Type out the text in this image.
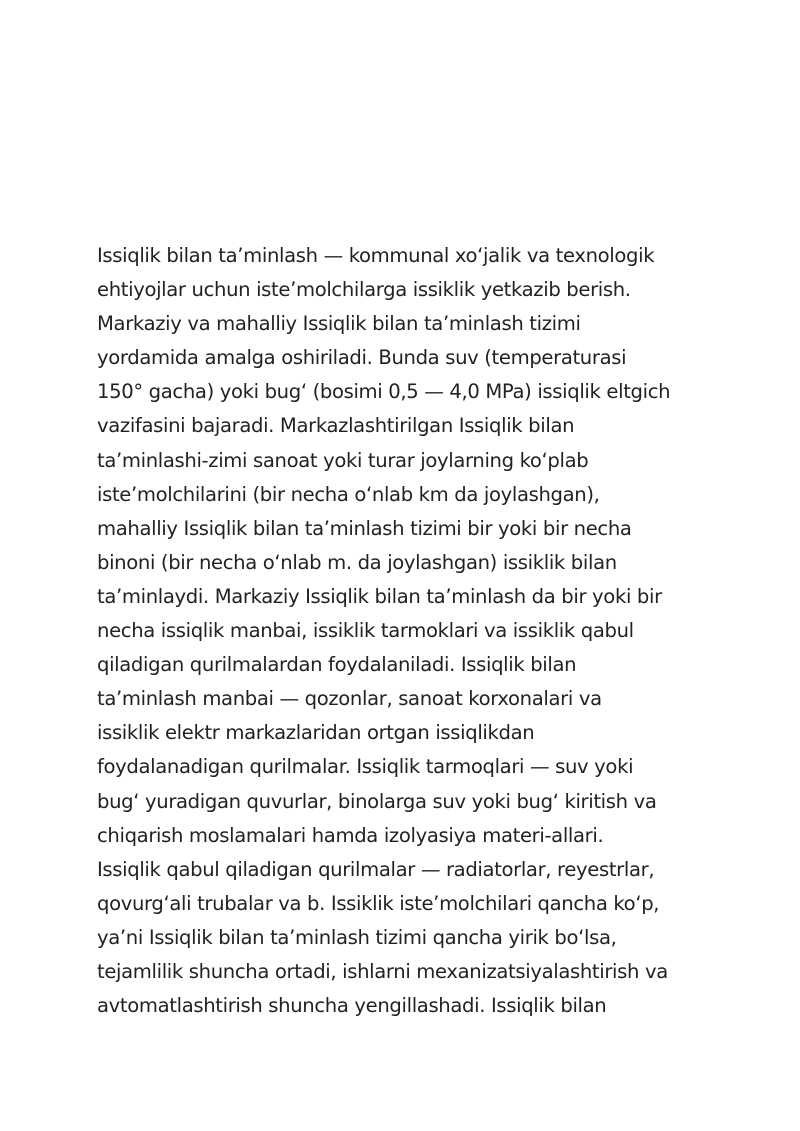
Issiqlik bilan ta’minlash — kommunal xo‘jalik va texnologik
ehtiyojlar uchun iste’molchilarga issiklik yetkazib berish.
Markaziy va mahalliy Issiqlik bilan ta’minlash tizimi
yordamida amalga oshiriladi. Bunda suv (temperaturasi
150° gacha) yoki bug‘ (bosimi 0,5 — 4,0 MPa) issiqlik eltgich
vazifasini bajaradi. Markazlashtirilgan Issiqlik bilan
ta’minlashi-zimi sanoat yoki turar joylarning ko‘plab
iste’molchilarini (bir necha o‘nlab km da joylashgan),
mahalliy Issiqlik bilan ta’minlash tizimi bir yoki bir necha
binoni (bir necha o‘nlab m. da joylashgan) issiklik bilan
ta’minlaydi. Markaziy Issiqlik bilan ta’minlash da bir yoki bir
necha issiqlik manbai, issiklik tarmoklari va issiklik qabul
qiladigan qurilmalardan foydalaniladi. Issiqlik bilan
ta’minlash manbai — qozonlar, sanoat korxonalari va
issiklik elektr markazlaridan ortgan issiqlikdan
foydalanadigan qurilmalar. Issiqlik tarmoqlari — suv yoki
bug‘ yuradigan quvurlar, binolarga suv yoki bug‘ kiritish va
chiqarish moslamalari hamda izolyasiya materi-allari.
Issiqlik qabul qiladigan qurilmalar — radiatorlar, reyestrlar,
qovurg‘ali trubalar va b. Issiklik iste’molchilari qancha ko‘p,
ya’ni Issiqlik bilan ta’minlash tizimi qancha yirik bo‘lsa,
tejamlilik shuncha ortadi, ishlarni mexanizatsiyalashtirish va
avtomatlashtirish shuncha yengillashadi. Issiqlik bilan
